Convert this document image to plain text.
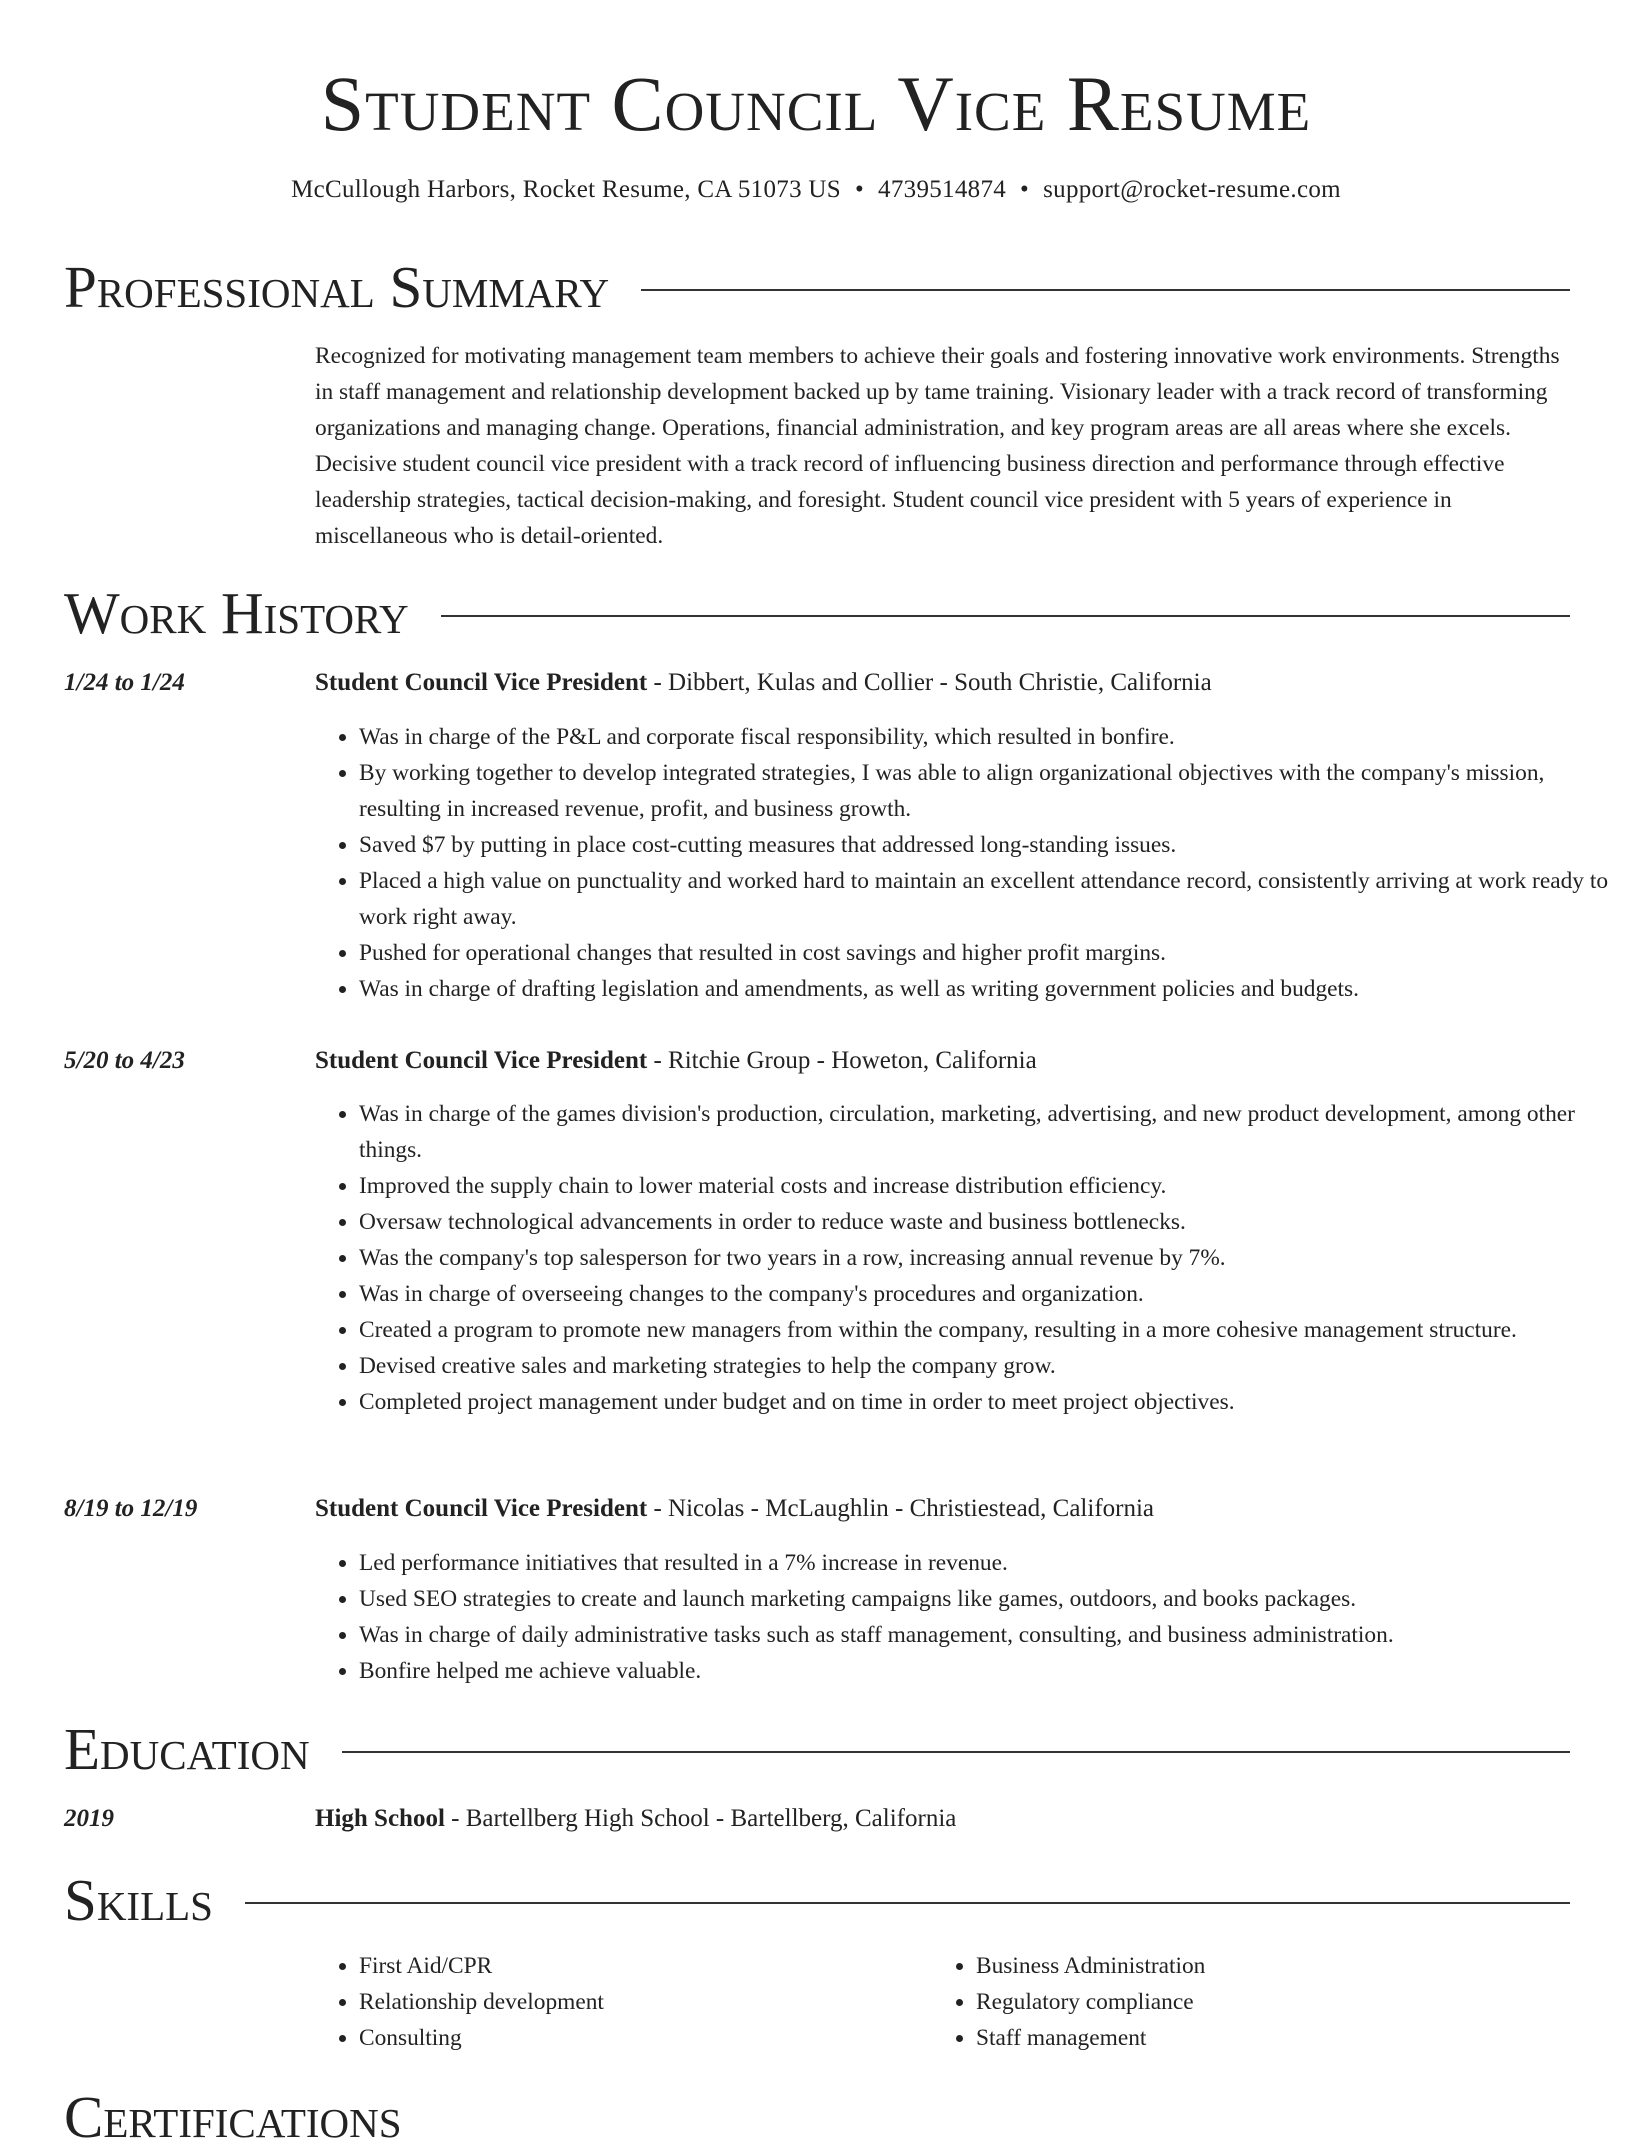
Student Council Vice Resume
McCullough Harbors, Rocket Resume, CA 51073 US • 4739514874 • support@rocket-resume.com
Professional Summary
Recognized for motivating management team members to achieve their goals and fostering innovative work environments. Strengths in staff management and relationship development backed up by tame training. Visionary leader with a track record of transforming organizations and managing change. Operations, financial administration, and key program areas are all areas where she excels. Decisive student council vice president with a track record of influencing business direction and performance through effective leadership strategies, tactical decision-making, and foresight. Student council vice president with 5 years of experience in miscellaneous who is detail-oriented.
Work History
1/24 to 1/24	Student Council Vice President - Dibbert, Kulas and Collier - South Christie, California
• Was in charge of the P&L and corporate fiscal responsibility, which resulted in bonfire.
• By working together to develop integrated strategies, I was able to align organizational objectives with the company's mission, resulting in increased revenue, profit, and business growth.
• Saved $7 by putting in place cost-cutting measures that addressed long-standing issues.
• Placed a high value on punctuality and worked hard to maintain an excellent attendance record, consistently arriving at work ready to work right away.
• Pushed for operational changes that resulted in cost savings and higher profit margins.
• Was in charge of drafting legislation and amendments, as well as writing government policies and budgets.
5/20 to 4/23	Student Council Vice President - Ritchie Group - Howeton, California
• Was in charge of the games division's production, circulation, marketing, advertising, and new product development, among other things.
• Improved the supply chain to lower material costs and increase distribution efficiency.
• Oversaw technological advancements in order to reduce waste and business bottlenecks.
• Was the company's top salesperson for two years in a row, increasing annual revenue by 7%.
• Was in charge of overseeing changes to the company's procedures and organization.
• Created a program to promote new managers from within the company, resulting in a more cohesive management structure.
• Devised creative sales and marketing strategies to help the company grow.
• Completed project management under budget and on time in order to meet project objectives.
8/19 to 12/19	Student Council Vice President - Nicolas - McLaughlin - Christiestead, California
• Led performance initiatives that resulted in a 7% increase in revenue.
• Used SEO strategies to create and launch marketing campaigns like games, outdoors, and books packages.
• Was in charge of daily administrative tasks such as staff management, consulting, and business administration.
• Bonfire helped me achieve valuable.
Education
2019	High School - Bartellberg High School - Bartellberg, California
Skills
• First Aid/CPR
• Relationship development
• Consulting
• Business Administration
• Regulatory compliance
• Staff management
Certifications
